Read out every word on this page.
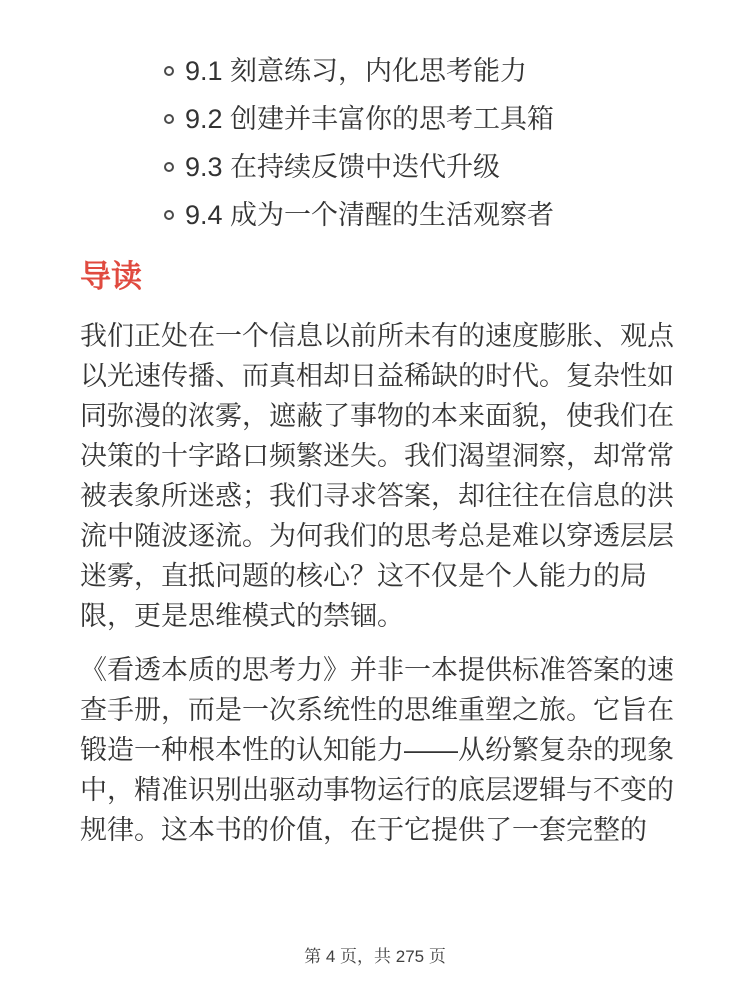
9.1 刻意练习，内化思考能力
9.2 创建并丰富你的思考工具箱
9.3 在持续反馈中迭代升级
9.4 成为一个清醒的生活观察者
导读

我们正处在一个信息以前所未有的速度膨胀、观点以光速传播、而真相却日益稀缺的时代。复杂性如同弥漫的浓雾，遮蔽了事物的本来面貌，使我们在决策的十字路口频繁迷失。我们渴望洞察，却常常被表象所迷惑；我们寻求答案，却往往在信息的洪流中随波逐流。为何我们的思考总是难以穿透层层迷雾，直抵问题的核心？这不仅是个人能力的局限，更是思维模式的禁锢。

《看透本质的思考力》并非一本提供标准答案的速查手册，而是一次系统性的思维重塑之旅。它旨在锻造一种根本性的认知能力——从纷繁复杂的现象中，精准识别出驱动事物运行的底层逻辑与不变的规律。这本书的价值，在于它提供了一套完整的

第 4 页，共 275 页
